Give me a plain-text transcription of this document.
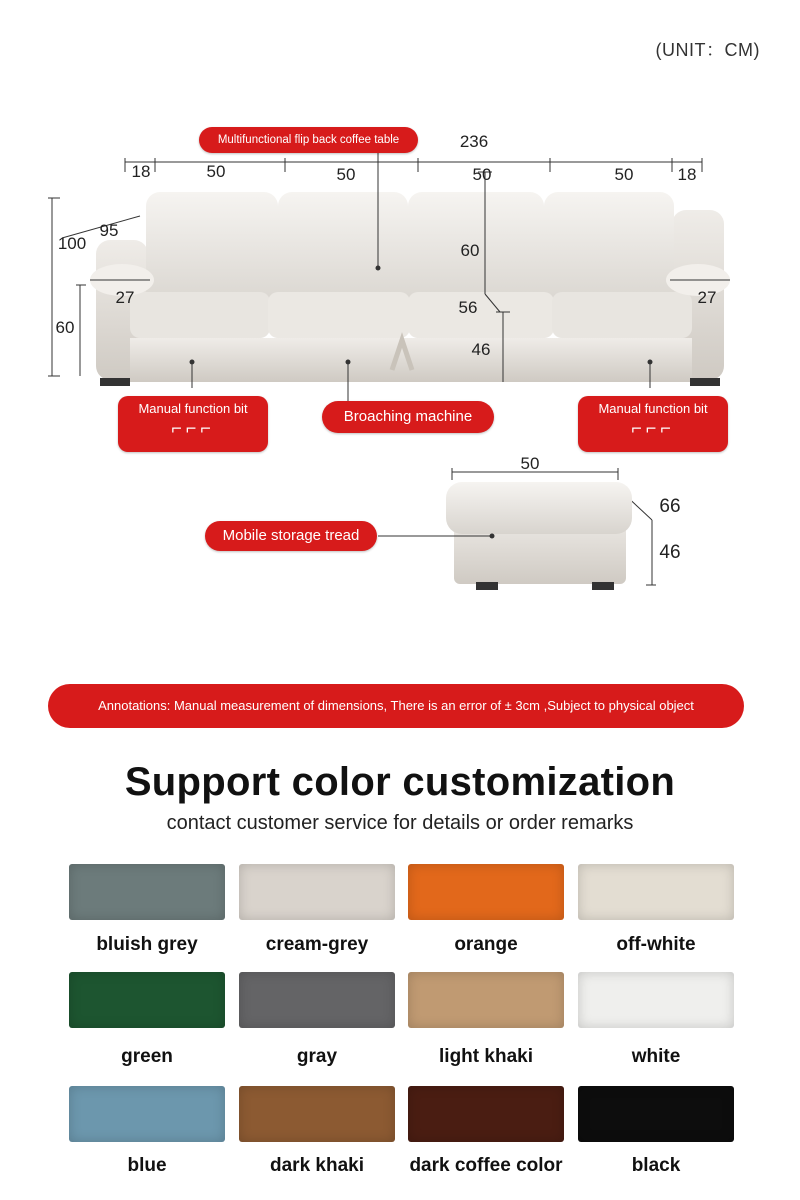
(UNIT：CM)
236
18	50	50	50	50	18
100
95
60
27	27
60
56
46
50
66
46
Multifunctional flip back coffee table
Manual function bit
⌐⌐⌐
Broaching machine	Manual function bit
⌐⌐⌐
Mobile storage tread
Annotations: Manual measurement of dimensions, There is an error of ± 3cm ,Subject to physical object
Support color customization
contact customer service for details or order remarks
bluish grey	cream-grey	orange	off-white
green	gray	light khaki	white
blue	dark khaki	dark coffee color	black
